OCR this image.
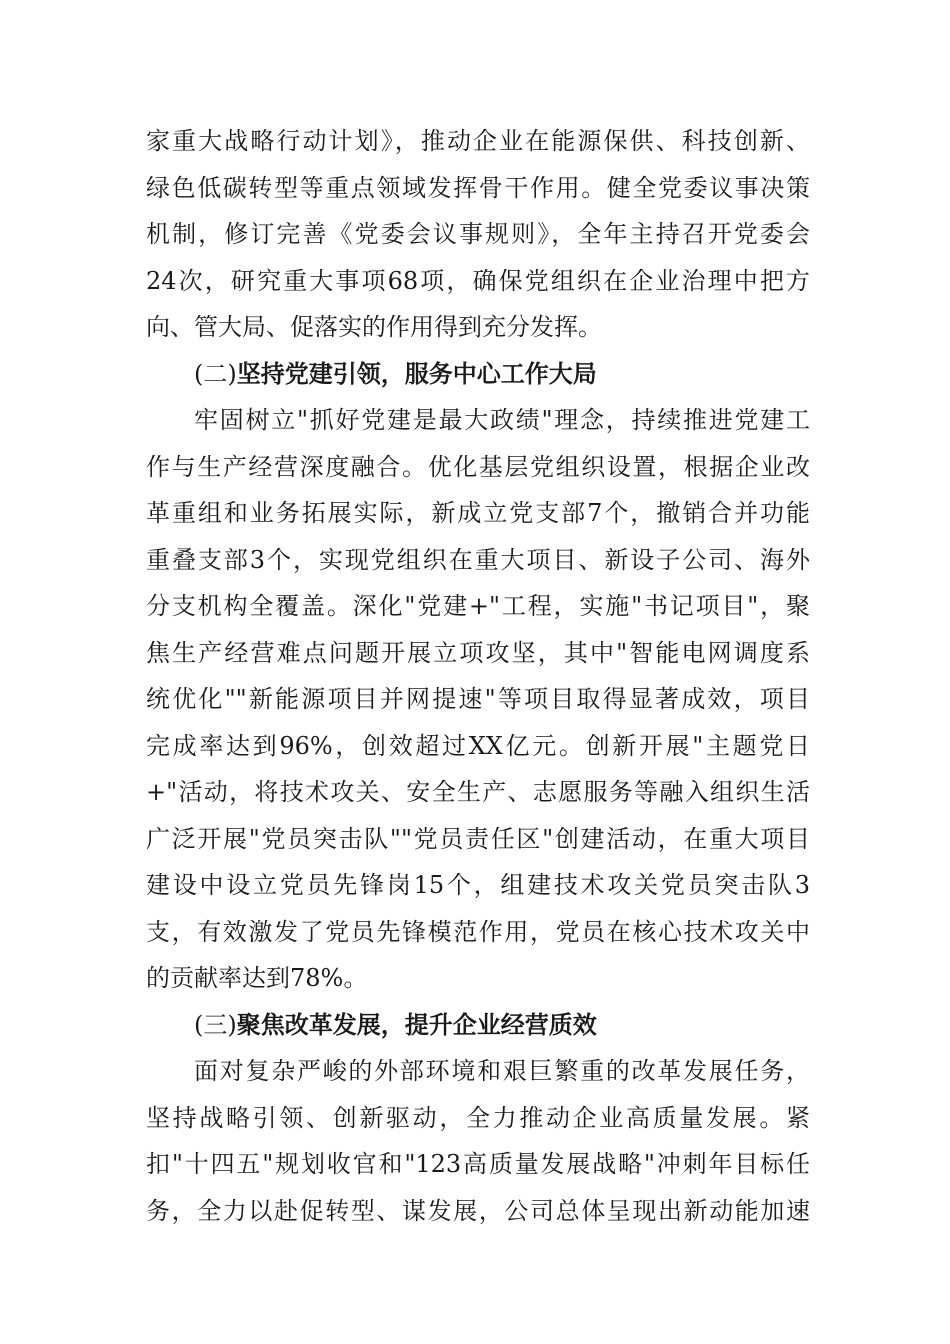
家重大战略行动计划》，推动企业在能源保供、科技创新、
绿色低碳转型等重点领域发挥骨干作用。健全党委议事决策
机制，修订完善《党委会议事规则》，全年主持召开党委会
24次，研究重大事项68项，确保党组织在企业治理中把方
向、管大局、促落实的作用得到充分发挥。
(二)坚持党建引领，服务中心工作大局
牢固树立"抓好党建是最大政绩"理念，持续推进党建工
作与生产经营深度融合。优化基层党组织设置，根据企业改
革重组和业务拓展实际，新成立党支部7个，撤销合并功能
重叠支部3个，实现党组织在重大项目、新设子公司、海外
分支机构全覆盖。深化"党建+"工程，实施"书记项目"，聚
焦生产经营难点问题开展立项攻坚，其中"智能电网调度系
统优化""新能源项目并网提速"等项目取得显著成效，项目
完成率达到96%，创效超过XX亿元。创新开展"主题党日
+"活动，将技术攻关、安全生产、志愿服务等融入组织生活
广泛开展"党员突击队""党员责任区"创建活动，在重大项目
建设中设立党员先锋岗15个，组建技术攻关党员突击队3
支，有效激发了党员先锋模范作用，党员在核心技术攻关中
的贡献率达到78%。
(三)聚焦改革发展，提升企业经营质效
面对复杂严峻的外部环境和艰巨繁重的改革发展任务，
坚持战略引领、创新驱动，全力推动企业高质量发展。紧
扣"十四五"规划收官和"123高质量发展战略"冲刺年目标任
务，全力以赴促转型、谋发展，公司总体呈现出新动能加速
